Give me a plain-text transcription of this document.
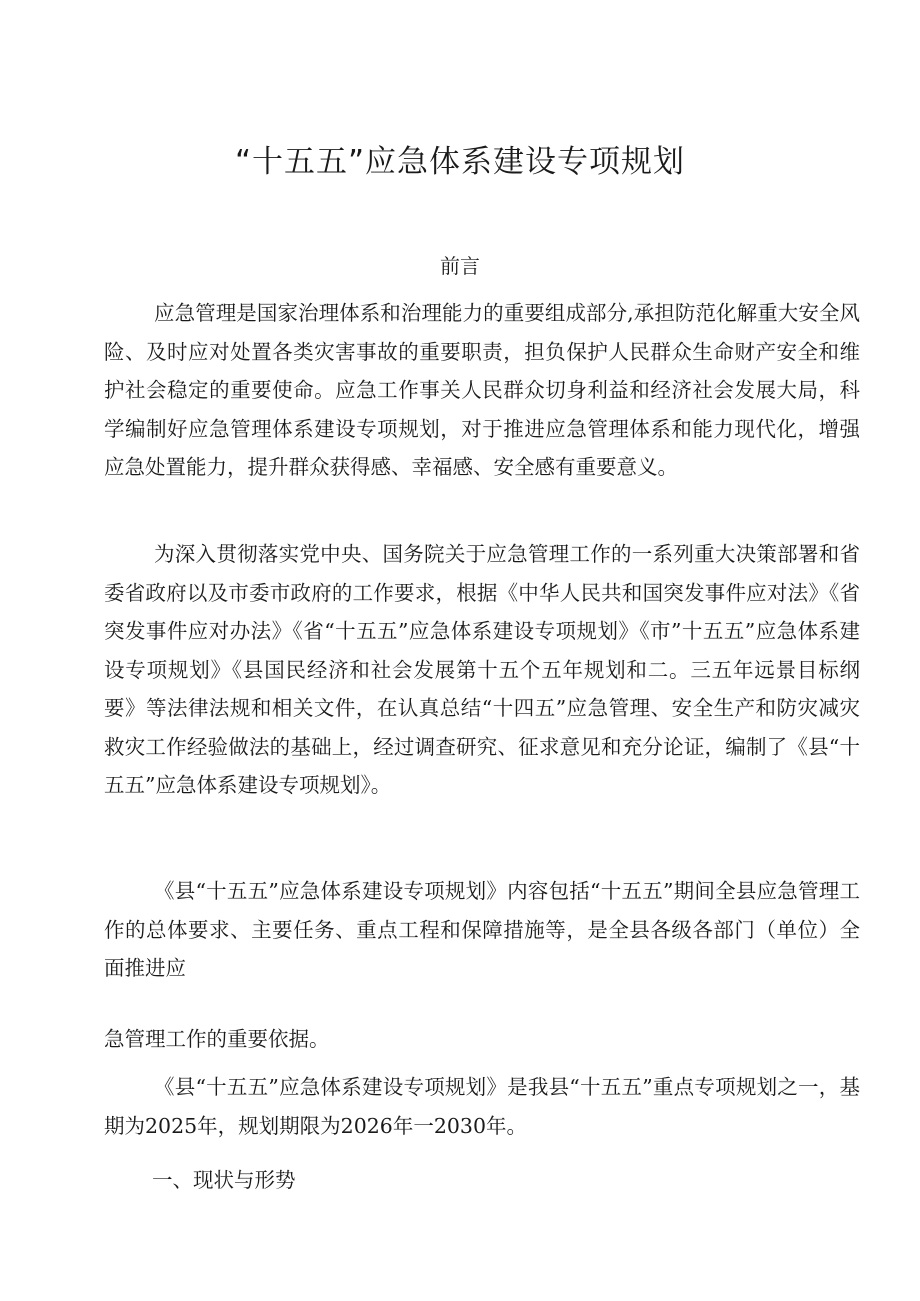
“十五五”应急体系建设专项规划
前言

应急管理是国家治理体系和治理能力的重要组成部分,承担防范化解重大安全风险、及时应对处置各类灾害事故的重要职责，担负保护人民群众生命财产安全和维护社会稳定的重要使命。应急工作事关人民群众切身利益和经济社会发展大局，科学编制好应急管理体系建设专项规划，对于推进应急管理体系和能力现代化，增强应急处置能力，提升群众获得感、幸福感、安全感有重要意义。

为深入贯彻落实党中央、国务院关于应急管理工作的一系列重大决策部署和省委省政府以及市委市政府的工作要求，根据《中华人民共和国突发事件应对法》《省突发事件应对办法》《省“十五五”应急体系建设专项规划》《市”十五五”应急体系建设专项规划》《县国民经济和社会发展第十五个五年规划和二。三五年远景目标纲要》等法律法规和相关文件，在认真总结“十四五”应急管理、安全生产和防灾减灾救灾工作经验做法的基础上，经过调查研究、征求意见和充分论证，编制了《县“十五五”应急体系建设专项规划》。

《县“十五五”应急体系建设专项规划》内容包括“十五五”期间全县应急管理工作的总体要求、主要任务、重点工程和保障措施等，是全县各级各部门（单位）全面推进应

急管理工作的重要依据。

《县“十五五”应急体系建设专项规划》是我县“十五五”重点专项规划之一，基期为2025年，规划期限为2026年一2030年。

一、现状与形势
